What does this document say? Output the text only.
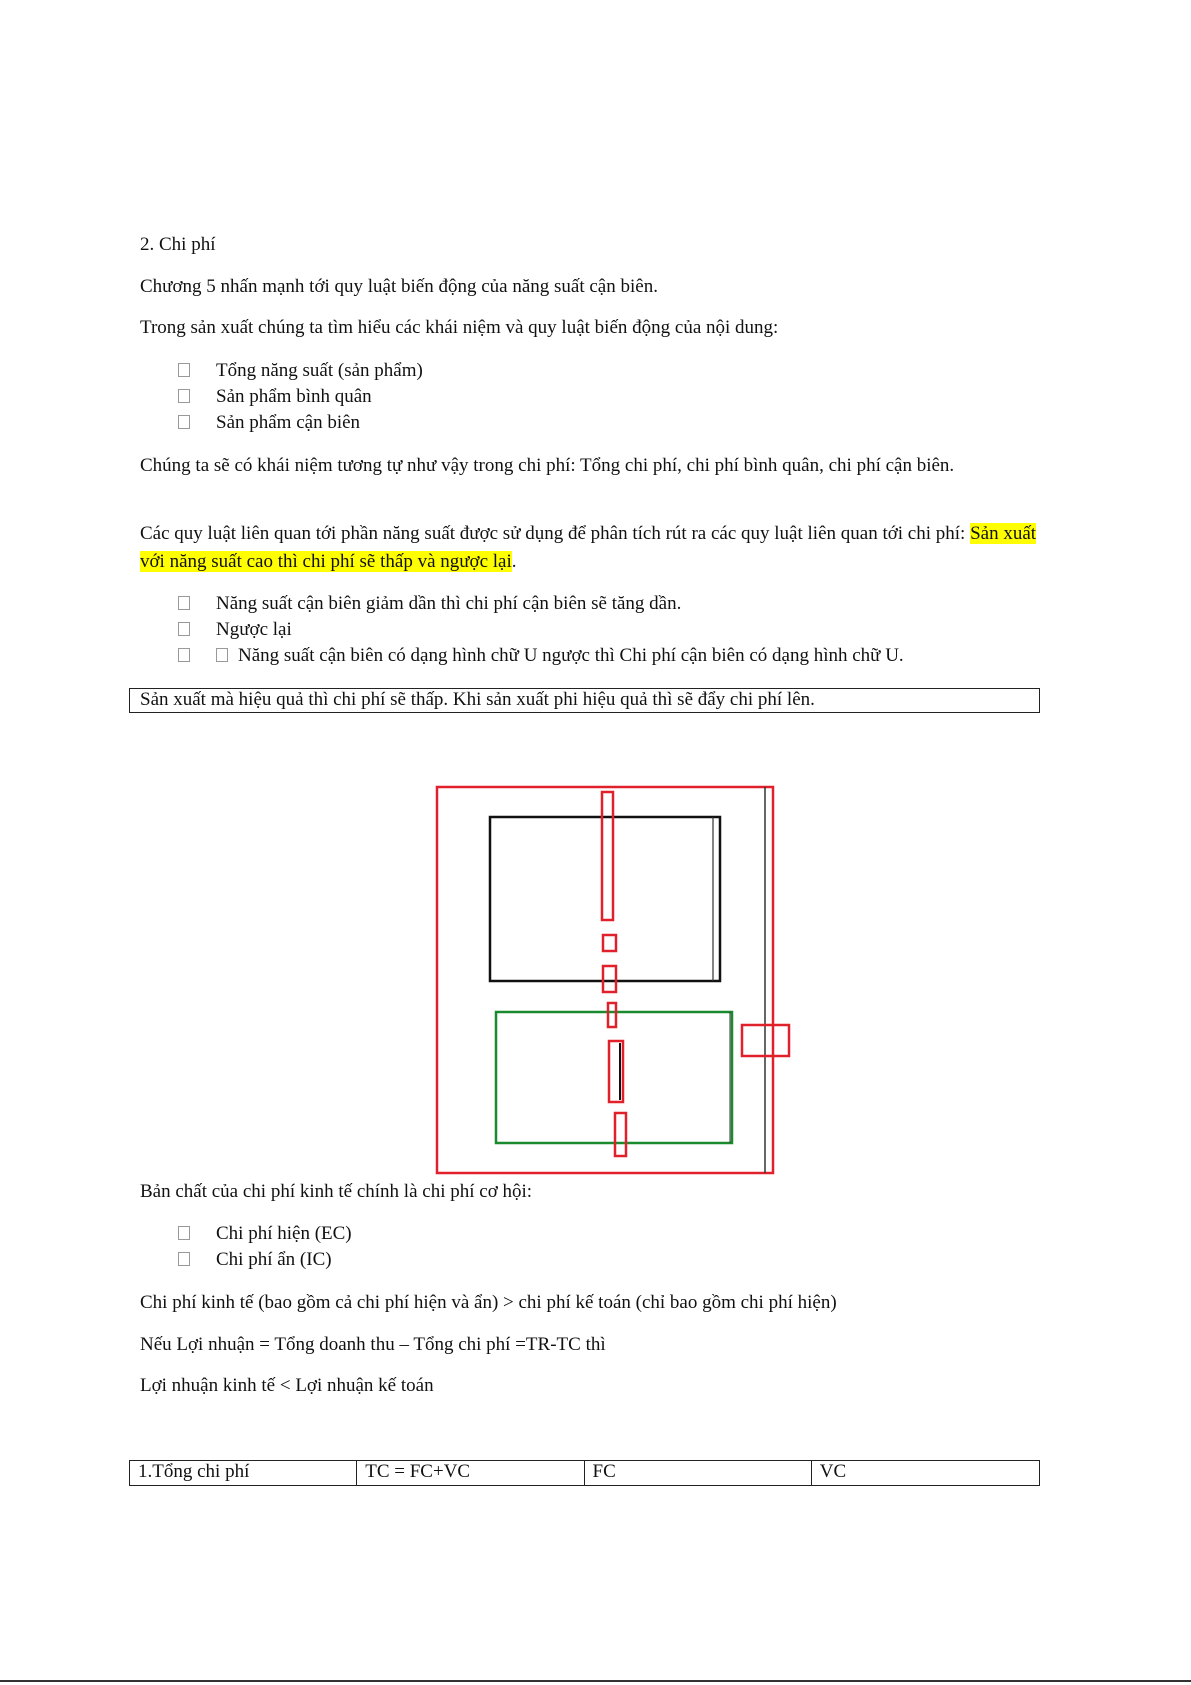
2. Chi phí
Chương 5 nhấn mạnh tới quy luật biến động của năng suất cận biên.
Trong sản xuất chúng ta tìm hiểu các khái niệm và quy luật biến động của nội dung:
Tổng năng suất (sản phẩm)
Sản phẩm bình quân
Sản phẩm cận biên
Chúng ta sẽ có khái niệm tương tự như vậy trong chi phí: Tổng chi phí, chi phí bình quân, chi phí cận biên.
Các quy luật liên quan tới phần năng suất được sử dụng để phân tích rút ra các quy luật liên quan tới chi phí: Sản xuất với năng suất cao thì chi phí sẽ thấp và ngược lại.
Năng suất cận biên giảm dần thì chi phí cận biên sẽ tăng dần.
Ngược lại
Năng suất cận biên có dạng hình chữ U ngược thì Chi phí cận biên có dạng hình chữ U.
Sản xuất mà hiệu quả thì chi phí sẽ thấp. Khi sản xuất phi hiệu quả thì sẽ đẩy chi phí lên.
Bản chất của chi phí kinh tế chính là chi phí cơ hội:
Chi phí hiện (EC)
Chi phí ẩn (IC)
Chi phí kinh tế (bao gồm cả chi phí hiện và ẩn) > chi phí kế toán (chỉ bao gồm chi phí hiện)
Nếu Lợi nhuận = Tổng doanh thu – Tổng chi phí =TR-TC thì
Lợi nhuận kinh tế < Lợi nhuận kế toán
1.Tổng chi phí	TC = FC+VC	FC	VC
